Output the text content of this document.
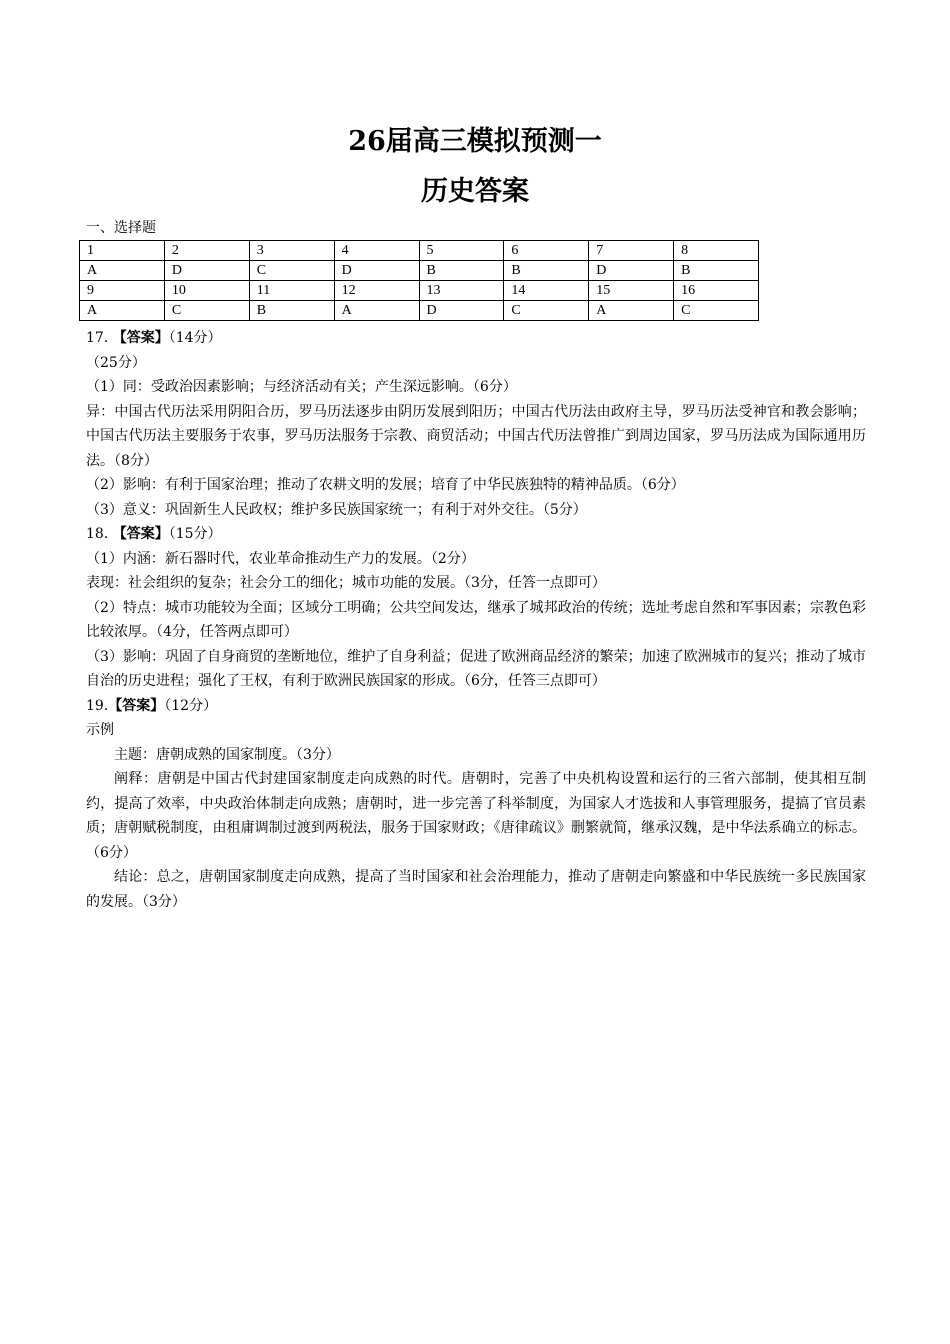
26届高三模拟预测一
历史答案
一、选择题
1	2	3	4	5	6	7	8
A	D	C	D	B	B	D	B
9	10	11	12	13	14	15	16
A	C	B	A	D	C	A	C

17. 【答案】（14分）

（25分）

（1）同：受政治因素影响；与经济活动有关；产生深远影响。（6分）

异：中国古代历法采用阴阳合历，罗马历法逐步由阴历发展到阳历；中国古代历法由政府主导，罗马历法受神官和教会影响；中国古代历法主要服务于农事，罗马历法服务于宗教、商贸活动；中国古代历法曾推广到周边国家，罗马历法成为国际通用历法。（8分）

（2）影响：有利于国家治理；推动了农耕文明的发展；培育了中华民族独特的精神品质。（6分）

（3）意义：巩固新生人民政权；维护多民族国家统一；有利于对外交往。（5分）

18. 【答案】（15分）

（1）内涵：新石器时代，农业革命推动生产力的发展。（2分）

表现：社会组织的复杂；社会分工的细化；城市功能的发展。（3分，任答一点即可）

（2）特点：城市功能较为全面；区域分工明确；公共空间发达，继承了城邦政治的传统；选址考虑自然和军事因素；宗教色彩比较浓厚。（4分，任答两点即可）

（3）影响：巩固了自身商贸的垄断地位，维护了自身利益；促进了欧洲商品经济的繁荣；加速了欧洲城市的复兴；推动了城市自治的历史进程；强化了王权，有利于欧洲民族国家的形成。（6分，任答三点即可）

19.【答案】（12分）

示例

主题：唐朝成熟的国家制度。（3分）

阐释：唐朝是中国古代封建国家制度走向成熟的时代。唐朝时，完善了中央机构设置和运行的三省六部制，使其相互制约，提高了效率，中央政治体制走向成熟；唐朝时，进一步完善了科举制度，为国家人才选拔和人事管理服务，提搞了官员素质；唐朝赋税制度，由租庸调制过渡到两税法，服务于国家财政；《唐律疏议》删繁就简，继承汉魏，是中华法系确立的标志。（6分）

结论：总之，唐朝国家制度走向成熟，提高了当时国家和社会治理能力，推动了唐朝走向繁盛和中华民族统一多民族国家的发展。（3分）
